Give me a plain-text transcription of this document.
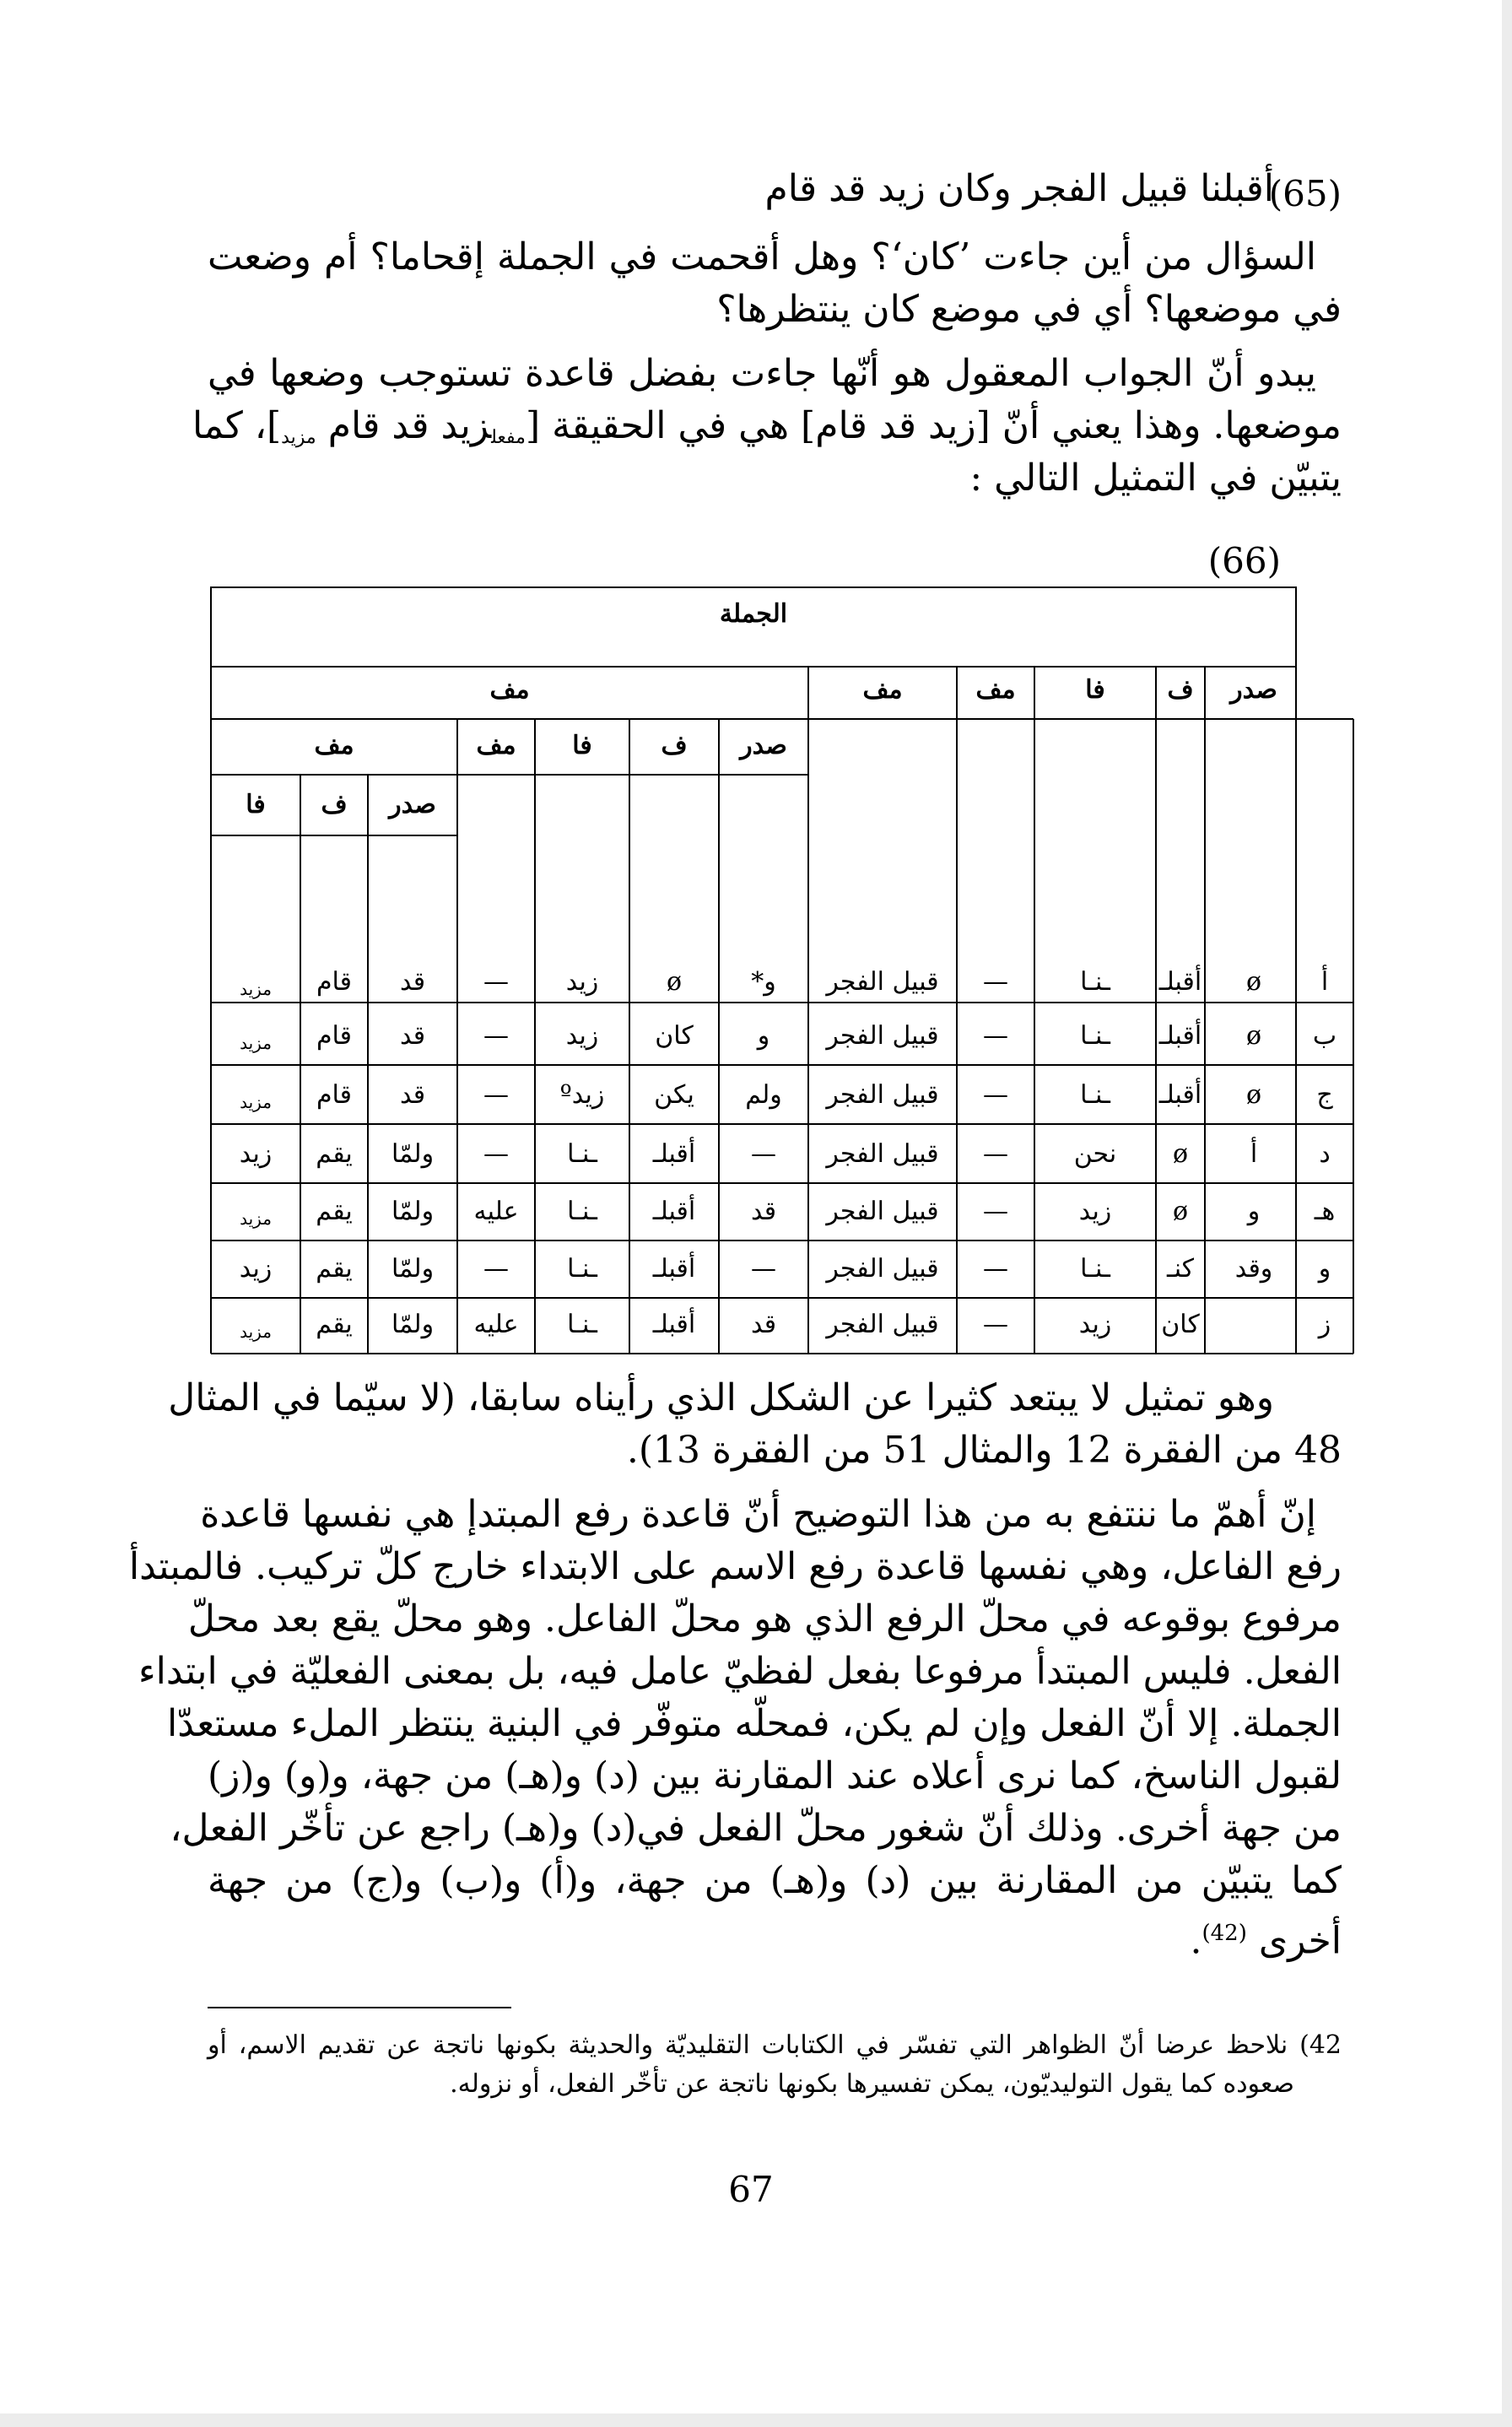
(65)
أقبلنا قبيل الفجر وكان زيد قد قام
السؤال من أين جاءت ’كان‘؟ وهل أقحمت في الجملة إقحاما؟ أم وضعت
في موضعها؟ أي في موضع كان ينتظرها؟
يبدو أنّ الجواب المعقول هو أنّها جاءت بفضل قاعدة تستوجب وضعها في
موضعها. وهذا يعني أنّ [زيد قد قام] هي في الحقيقة [$_{مفعل}زيد$ قد قام $_{مزيد}$]، كما
يتبيّن في التمثيل التالي :
(66)
الجملة
صدر
ف
فا
مف
مف
مف
صدر
ف
فا
مف
مف
صدر
ف
فا
أ
ø
أقبلـ
ـنـا
—
قبيل الفجر
و*
ø
زيد
—
قد
قام
مزيد
ب
ø
أقبلـ
ـنـا
—
قبيل الفجر
و
كان
زيد
—
قد
قام
مزيد
ج
ø
أقبلـ
ـنـا
—
قبيل الفجر
ولم
يكن
زيدº
—
قد
قام
مزيد
د
أ
ø
نحن
—
قبيل الفجر
—
أقبلـ
ـنـا
—
ولمّا
يقم
زيد
هـ
و
ø
زيد
—
قبيل الفجر
قد
أقبلـ
ـنـا
عليه
ولمّا
يقم
مزيد
و
وقد
كنـ
ـنـا
—
قبيل الفجر
—
أقبلـ
ـنـا
—
ولمّا
يقم
زيد
ز
كان
زيد
—
قبيل الفجر
قد
أقبلـ
ـنـا
عليه
ولمّا
يقم
مزيد
وهو تمثيل لا يبتعد كثيرا عن الشكل الذي رأيناه سابقا، (لا سيّما في المثال
48 من الفقرة 12 والمثال 51 من الفقرة 13).
إنّ أهمّ ما ننتفع به من هذا التوضيح أنّ قاعدة رفع المبتدإ هي نفسها قاعدة
رفع الفاعل، وهي نفسها قاعدة رفع الاسم على الابتداء خارج كلّ تركيب. فالمبتدأ
مرفوع بوقوعه في محلّ الرفع الذي هو محلّ الفاعل. وهو محلّ يقع بعد محلّ
الفعل. فليس المبتدأ مرفوعا بفعل لفظيّ عامل فيه، بل بمعنى الفعليّة في ابتداء
الجملة. إلا أنّ الفعل وإن لم يكن، فمحلّه متوفّر في البنية ينتظر الملء مستعدّا
لقبول الناسخ، كما نرى أعلاه عند المقارنة بين (د) و(هـ) من جهة، و(و) و(ز)
من جهة أخرى. وذلك أنّ شغور محلّ الفعل في(د) و(هـ) راجع عن تأخّر الفعل،
كما يتبيّن من المقارنة بين (د) و(هـ) من جهة، و(أ) و(ب) و(ج) من جهة
أخرى $^{(42)}$.
42) نلاحظ عرضا أنّ الظواهر التي تفسّر في الكتابات التقليديّة والحديثة بكونها ناتجة عن تقديم الاسم، أو
صعوده كما يقول التوليديّون، يمكن تفسيرها بكونها ناتجة عن تأخّر الفعل، أو نزوله.
67
